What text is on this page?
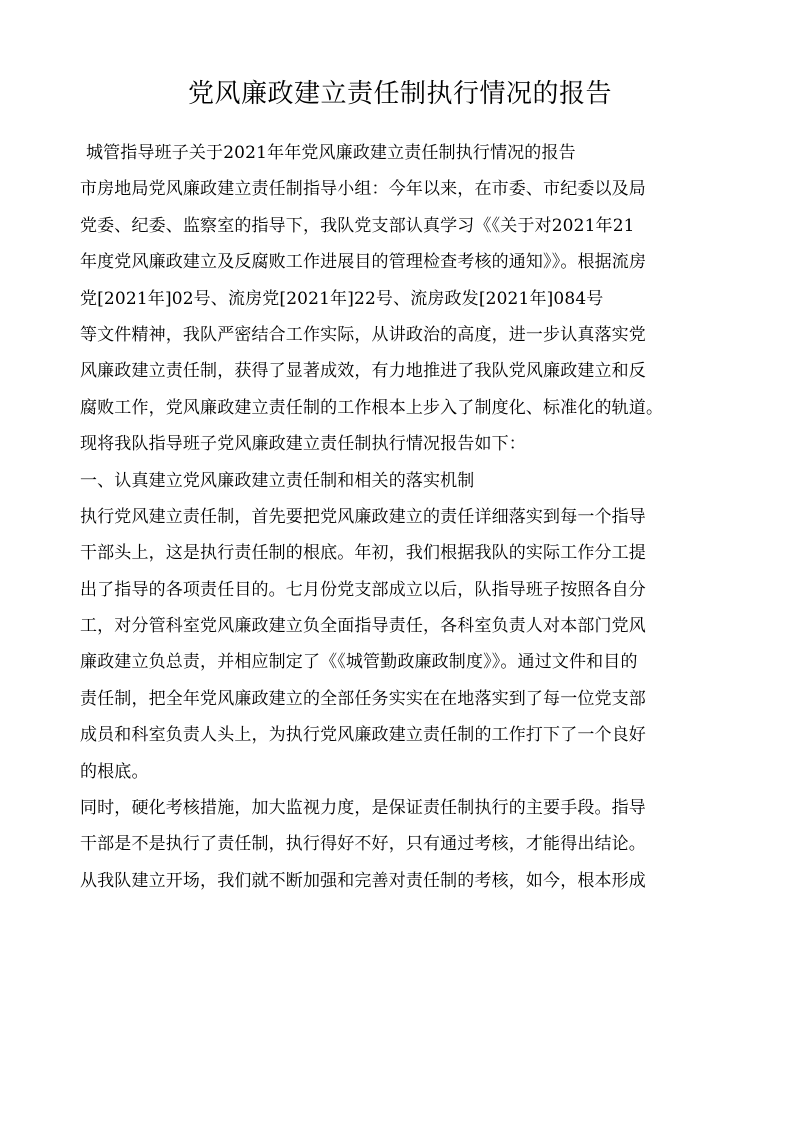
党风廉政建立责任制执行情况的报告
城管指导班子关于2021年年党风廉政建立责任制执行情况的报告
市房地局党风廉政建立责任制指导小组：今年以来，在市委、市纪委以及局
党委、纪委、监察室的指导下，我队党支部认真学习《《关于对2021年21
年度党风廉政建立及反腐败工作进展目的管理检查考核的通知》》。根据流房
党[2021年]02号、流房党[2021年]22号、流房政发[2021年]084号
等文件精神，我队严密结合工作实际，从讲政治的高度，进一步认真落实党
风廉政建立责任制，获得了显著成效，有力地推进了我队党风廉政建立和反
腐败工作，党风廉政建立责任制的工作根本上步入了制度化、标准化的轨道。
现将我队指导班子党风廉政建立责任制执行情况报告如下：
一、认真建立党风廉政建立责任制和相关的落实机制
执行党风建立责任制，首先要把党风廉政建立的责任详细落实到每一个指导
干部头上，这是执行责任制的根底。年初，我们根据我队的实际工作分工提
出了指导的各项责任目的。七月份党支部成立以后，队指导班子按照各自分
工，对分管科室党风廉政建立负全面指导责任，各科室负责人对本部门党风
廉政建立负总责，并相应制定了《《城管勤政廉政制度》》。通过文件和目的
责任制，把全年党风廉政建立的全部任务实实在在地落实到了每一位党支部
成员和科室负责人头上，为执行党风廉政建立责任制的工作打下了一个良好
的根底。
同时，硬化考核措施，加大监视力度，是保证责任制执行的主要手段。指导
干部是不是执行了责任制，执行得好不好，只有通过考核，才能得出结论。
从我队建立开场，我们就不断加强和完善对责任制的考核，如今，根本形成
